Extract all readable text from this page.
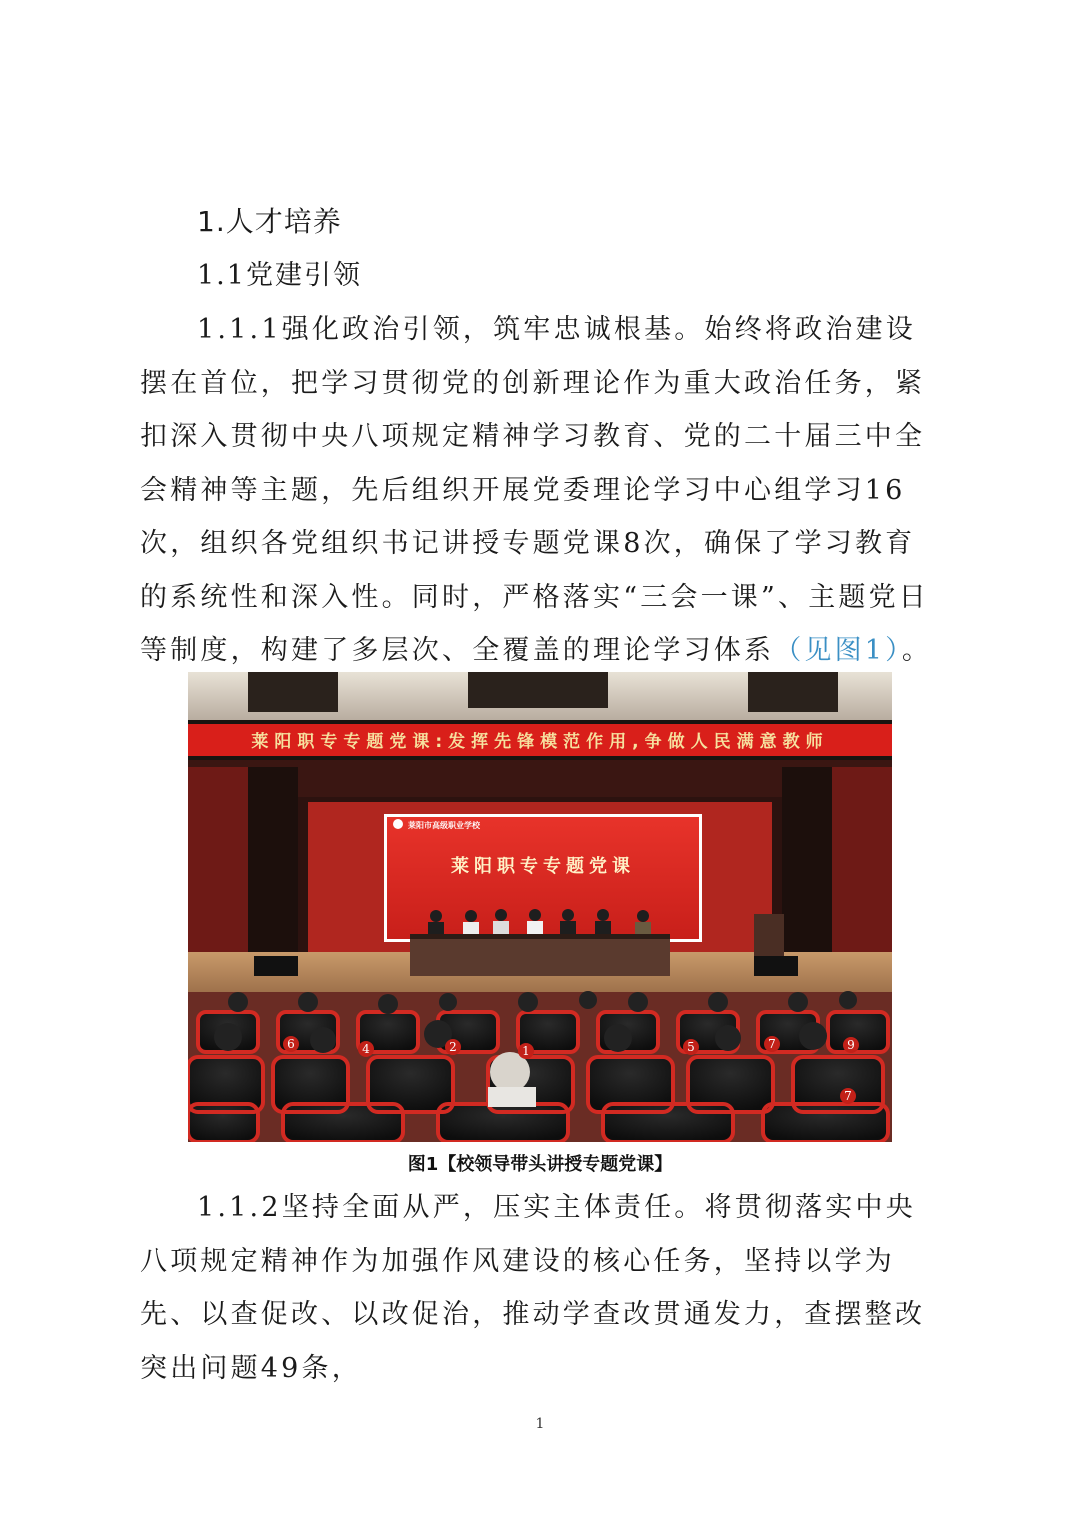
1.人才培养
1.1党建引领

1.1.1强化政治引领，筑牢忠诚根基。始终将政治建设摆在首位，把学习贯彻党的创新理论作为重大政治任务，紧扣深入贯彻中央八项规定精神学习教育、党的二十届三中全会精神等主题，先后组织开展党委理论学习中心组学习16次，组织各党组织书记讲授专题党课8次，确保了学习教育的系统性和深入性。同时，严格落实“三会一课”、主题党日等制度，构建了多层次、全覆盖的理论学习体系（见图1）。

6	4	2	1	5	7	9
7
莱阳职专专题党课:发挥先锋模范作用,争做人民满意教师
莱阳市高级职业学校
莱阳职专专题党课
图1【校领导带头讲授专题党课】

1.1.2坚持全面从严，压实主体责任。将贯彻落实中央八项规定精神作为加强作风建设的核心任务，坚持以学为先、以查促改、以改促治，推动学查改贯通发力，查摆整改突出问题49条，

1
